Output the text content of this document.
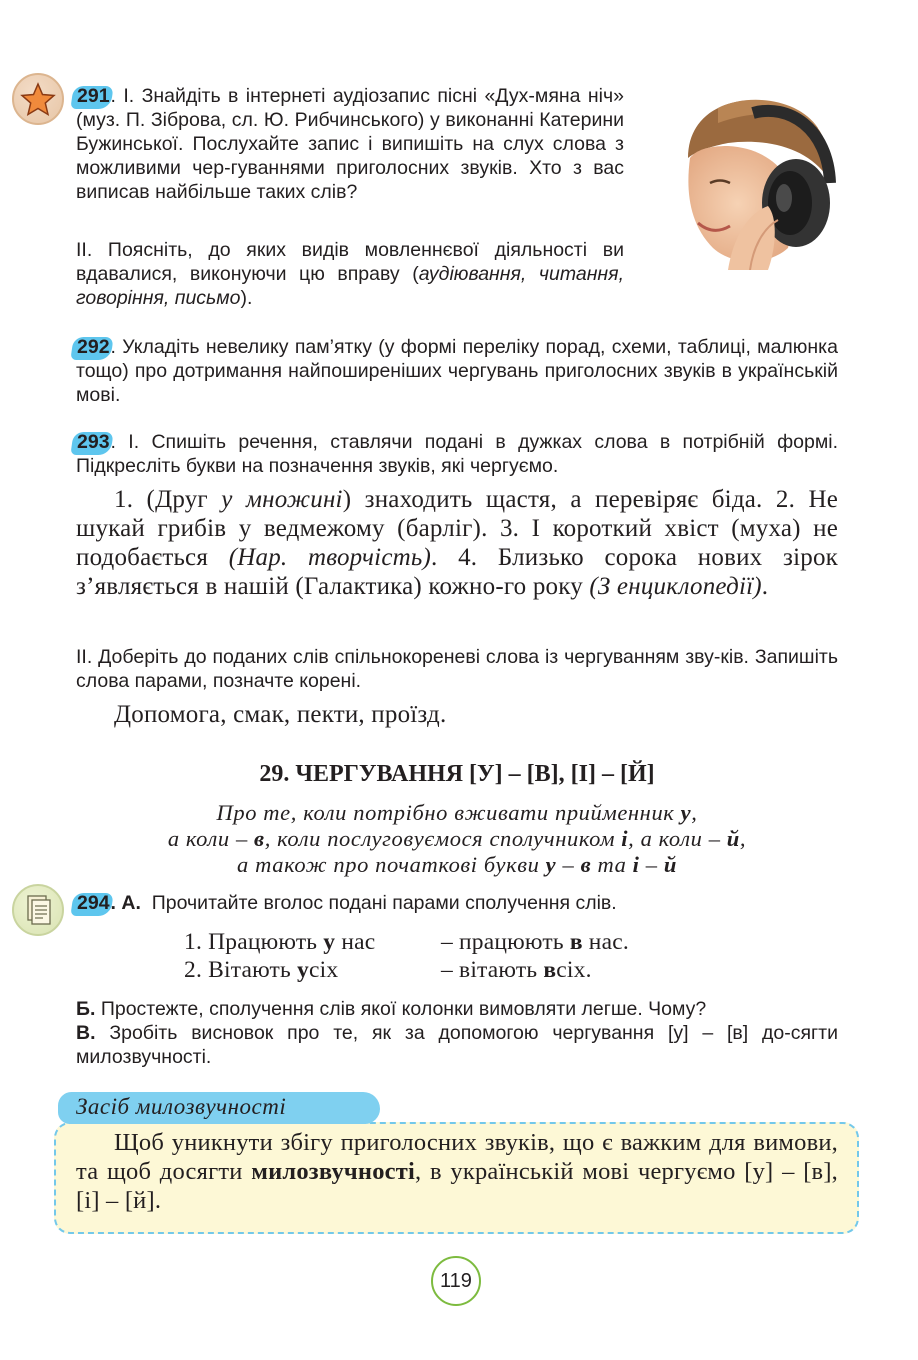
291. І. Знайдіть в інтернеті аудіозапис пісні «Дух-мяна ніч» (муз. П. Зіброва, сл. Ю. Рибчинського) у виконанні Катерини Бужинської. Послухайте запис і випишіть на слух слова з можливими чер-гуваннями приголосних звуків. Хто з вас виписав найбільше таких слів?
ІІ. Поясніть, до яких видів мовленнєвої діяльності ви вдавалися, виконуючи цю вправу (аудіювання, читання, говоріння, письмо).
292. Укладіть невелику пам’ятку (у формі переліку порад, схеми, таблиці, малюнка тощо) про дотримання найпоширеніших чергувань приголосних звуків в українській мові.
293. І. Спишіть речення, ставлячи подані в дужках слова в потрібній формі. Підкресліть букви на позначення звуків, які чергуємо.
1. (Друг у множині) знаходить щастя, а перевіряє біда. 2. Не шукай грибів у ведмежому (барліг). 3. І короткий хвіст (муха) не подобається (Нар. творчість). 4. Близько сорока нових зірок з’являється в нашій (Галактика) кожно-го року (З енциклопедії).
ІІ. Доберіть до поданих слів спільнокореневі слова із чергуванням зву-ків. Запишіть слова парами, позначте корені.
Допомога, смак, пекти, проїзд.
29. ЧЕРГУВАННЯ [У] – [В], [І] – [Й]
Про те, коли потрібно вживати прийменник у,
а коли – в, коли послуговуємося сполучником і, а коли – й,
а також про початкові букви у – в та і – й
294. А. Прочитайте вголос подані парами сполучення слів.
1. Працюють у нас	– працюють в нас.
2. Вітають усіх	– вітають всіх.
Б. Простежте, сполучення слів якої колонки вимовляти легше. Чому?
В. Зробіть висновок про те, як за допомогою чергування [у] – [в] до-сягти милозвучності.
Засіб милозвучності
Щоб уникнути збігу приголосних звуків, що є важким для вимови, та щоб досягти милозвучності, в українській мові чергуємо [у] – [в], [і] – [й].
119
